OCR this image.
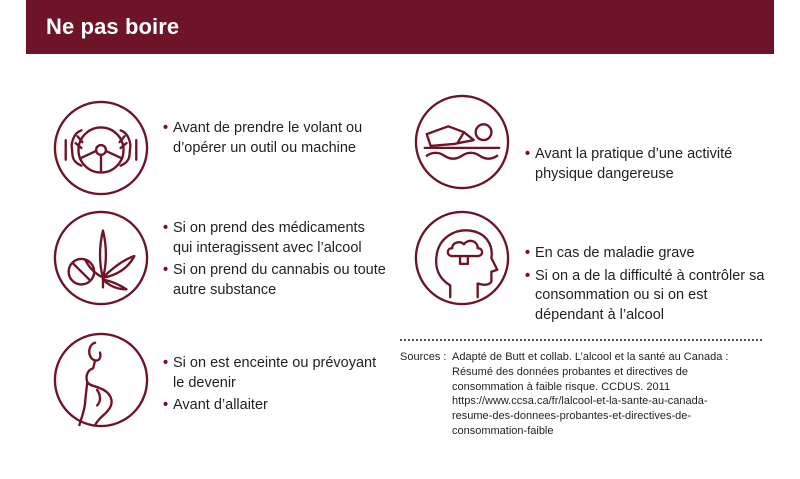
Ne pas boire
• Avant de prendre le volant ou d’opérer un outil ou machine
• Si on prend des médicaments qui interagissent avec l’alcool
• Si on prend du cannabis ou toute autre substance
• Si on est enceinte ou prévoyant le devenir
• Avant d’allaiter
• Avant la pratique d’une activité physique dangereuse
• En cas de maladie grave
• Si on a de la difficulté à contrôler sa consommation ou si on est dépendant à l’alcool
Sources : Adapté de Butt et collab. L’alcool et la santé au Canada :
Résumé des données probantes et directives de
consommation à faible risque. CCDUS. 2011
https://www.ccsa.ca/fr/lalcool-et-la-sante-au-canada-
resume-des-donnees-probantes-et-directives-de-
consommation-faible
